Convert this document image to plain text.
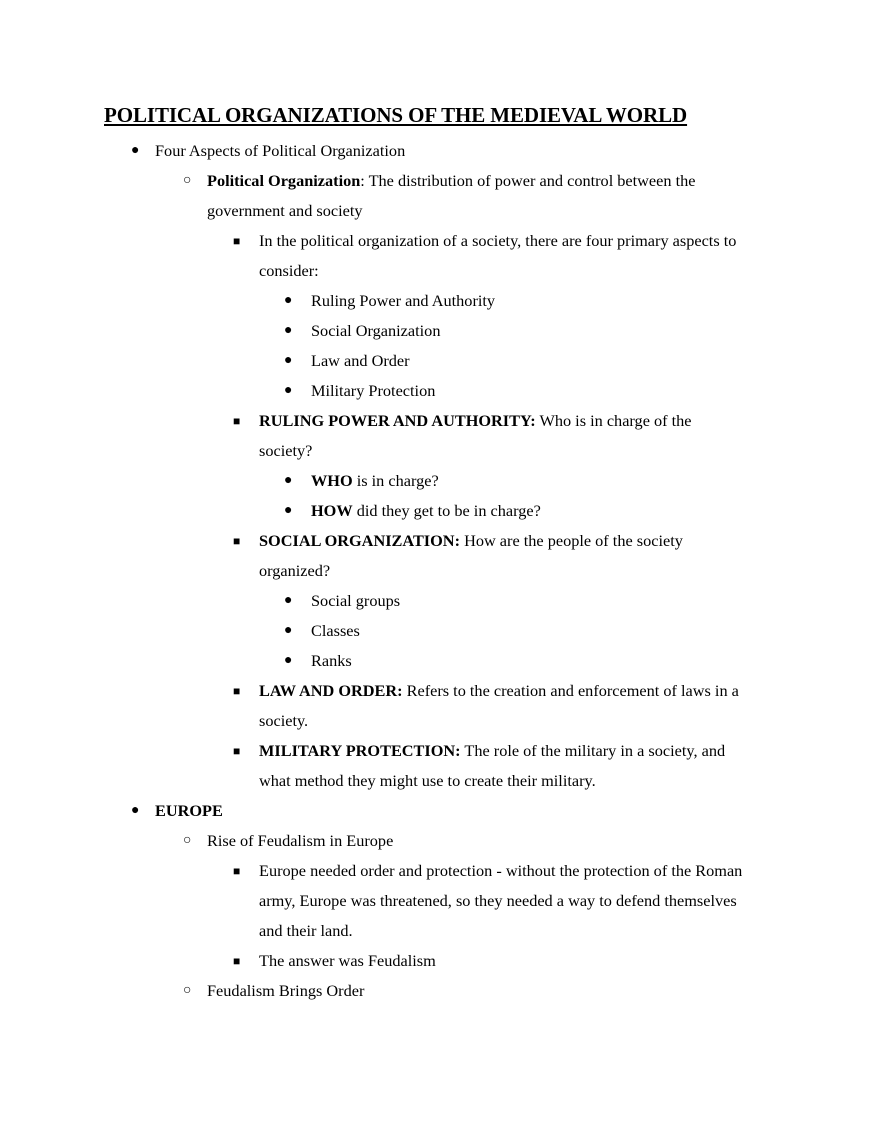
POLITICAL ORGANIZATIONS OF THE MEDIEVAL WORLD
● Four Aspects of Political Organization
○ Political Organization: The distribution of power and control between the
government and society
■ In the political organization of a society, there are four primary aspects to
consider:
● Ruling Power and Authority
● Social Organization
● Law and Order
● Military Protection
■ RULING POWER AND AUTHORITY: Who is in charge of the
society?
● WHO is in charge?
● HOW did they get to be in charge?
■ SOCIAL ORGANIZATION: How are the people of the society
organized?
● Social groups
● Classes
● Ranks
■ LAW AND ORDER: Refers to the creation and enforcement of laws in a
society.
■ MILITARY PROTECTION: The role of the military in a society, and
what method they might use to create their military.
● EUROPE
○ Rise of Feudalism in Europe
■ Europe needed order and protection - without the protection of the Roman
army, Europe was threatened, so they needed a way to defend themselves
and their land.
■ The answer was Feudalism
○ Feudalism Brings Order
